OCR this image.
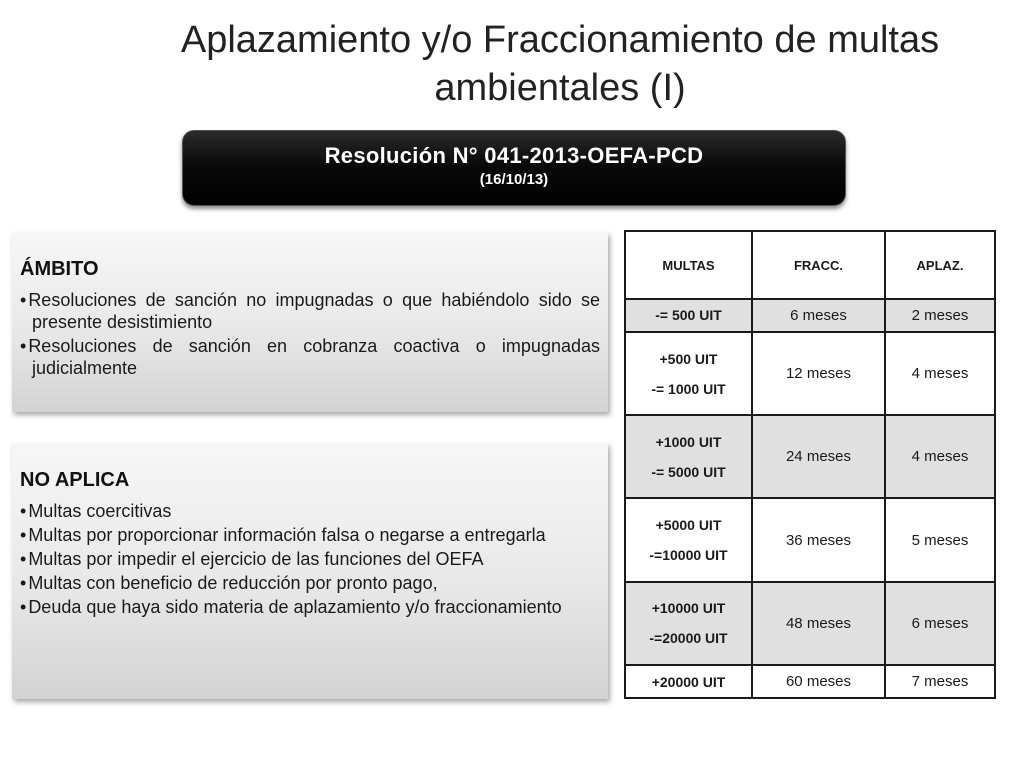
Aplazamiento y/o Fraccionamiento de multas
ambientales (I)
Resolución N° 041-2013-OEFA-PCD
(16/10/13)
ÁMBITO
• Resoluciones de sanción no impugnadas o que habiéndolo sido se presente desistimiento
• Resoluciones de sanción en cobranza coactiva o impugnadas judicialmente
NO APLICA
• Multas coercitivas
• Multas por proporcionar información falsa o negarse a entregarla
• Multas por impedir el ejercicio de las funciones del OEFA
• Multas con beneficio de reducción por pronto pago,
• Deuda que haya sido materia de aplazamiento y/o fraccionamiento
MULTAS	FRACC.	APLAZ.
-= 500 UIT	6 meses	2 meses

+500 UIT
-= 1000 UIT	12 meses	4 meses

+1000 UIT
-= 5000 UIT	24 meses	4 meses

+5000 UIT
-=10000 UIT	36 meses	5 meses

+10000 UIT
-=20000 UIT	48 meses	6 meses
+20000 UIT	60 meses	7 meses
